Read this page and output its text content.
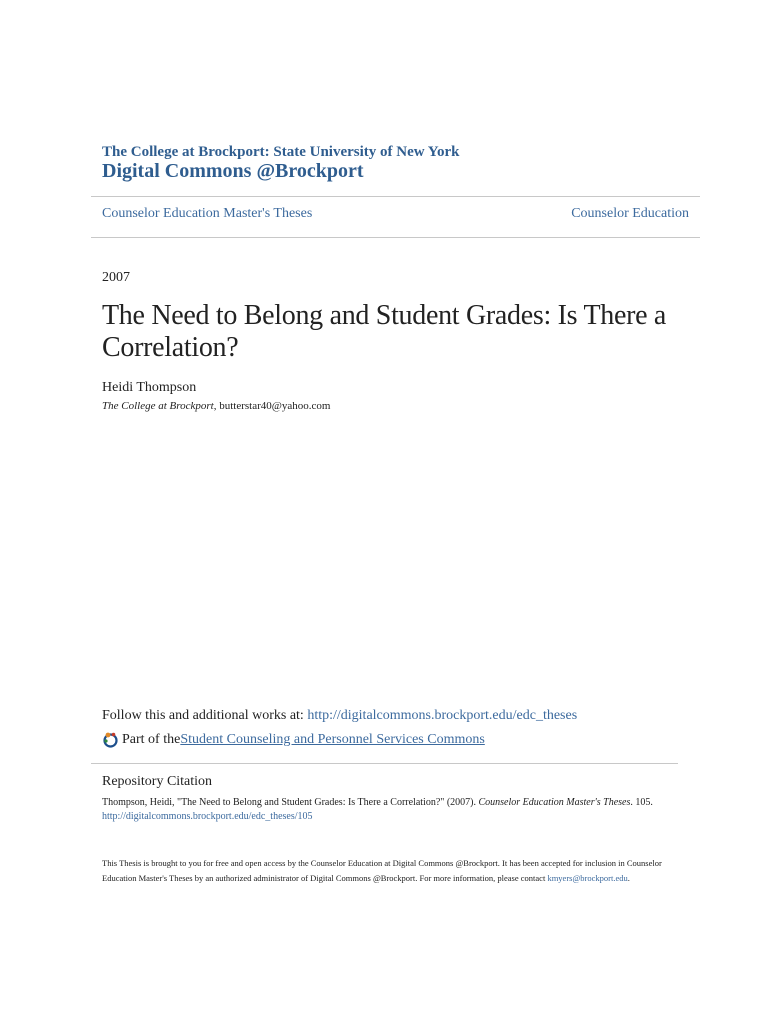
The College at Brockport: State University of New York
Digital Commons @Brockport
Counselor Education Master's Theses	Counselor Education
2007
The Need to Belong and Student Grades: Is There a Correlation?
Heidi Thompson
The College at Brockport, butterstar40@yahoo.com
Follow this and additional works at: http://digitalcommons.brockport.edu/edc_theses
Part of the Student Counseling and Personnel Services Commons
Repository Citation
Thompson, Heidi, "The Need to Belong and Student Grades: Is There a Correlation?" (2007). Counselor Education Master's Theses. 105.
http://digitalcommons.brockport.edu/edc_theses/105
This Thesis is brought to you for free and open access by the Counselor Education at Digital Commons @Brockport. It has been accepted for inclusion in Counselor Education Master's Theses by an authorized administrator of Digital Commons @Brockport. For more information, please contact kmyers@brockport.edu.
